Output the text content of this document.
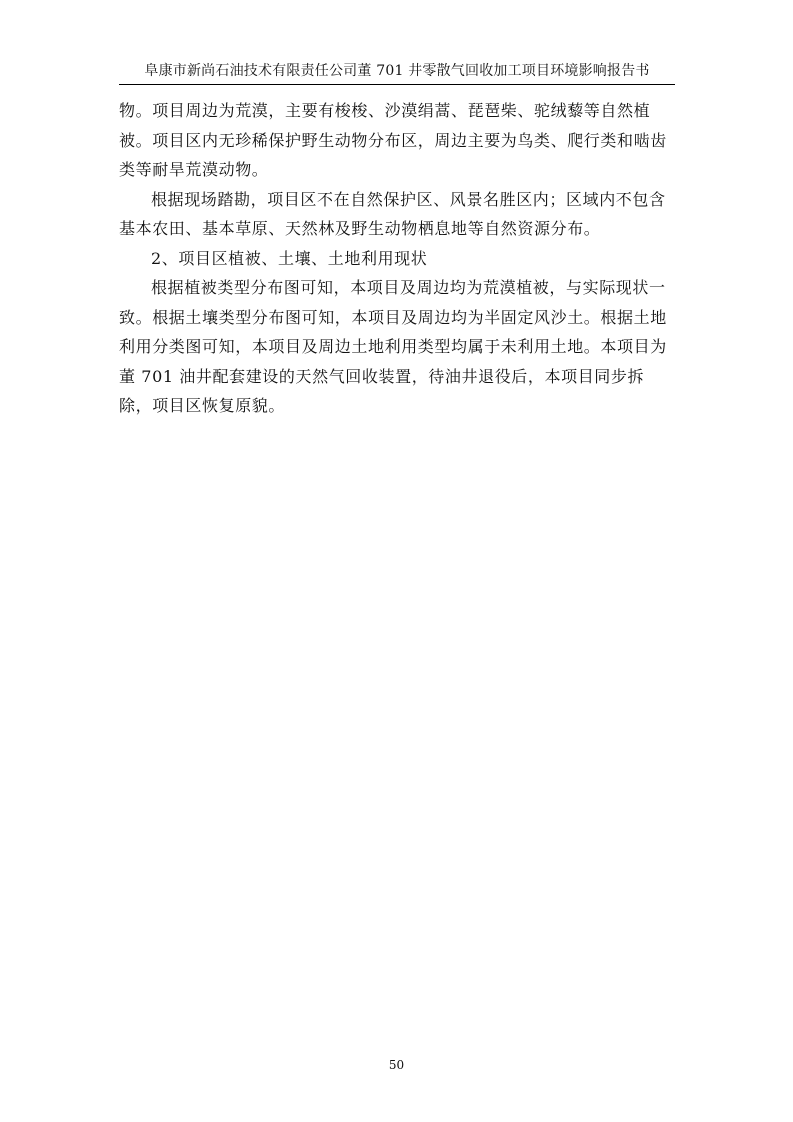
阜康市新尚石油技术有限责任公司董 701 井零散气回收加工项目环境影响报告书

物。项目周边为荒漠，主要有梭梭、沙漠绢蒿、琵琶柴、驼绒藜等自然植被。项目区内无珍稀保护野生动物分布区，周边主要为鸟类、爬行类和啮齿类等耐旱荒漠动物。

根据现场踏勘，项目区不在自然保护区、风景名胜区内；区域内不包含基本农田、基本草原、天然林及野生动物栖息地等自然资源分布。

2、项目区植被、土壤、土地利用现状

根据植被类型分布图可知，本项目及周边均为荒漠植被，与实际现状一致。根据土壤类型分布图可知，本项目及周边均为半固定风沙土。根据土地利用分类图可知，本项目及周边土地利用类型均属于未利用土地。本项目为董 701 油井配套建设的天然气回收装置，待油井退役后，本项目同步拆除，项目区恢复原貌。

50
